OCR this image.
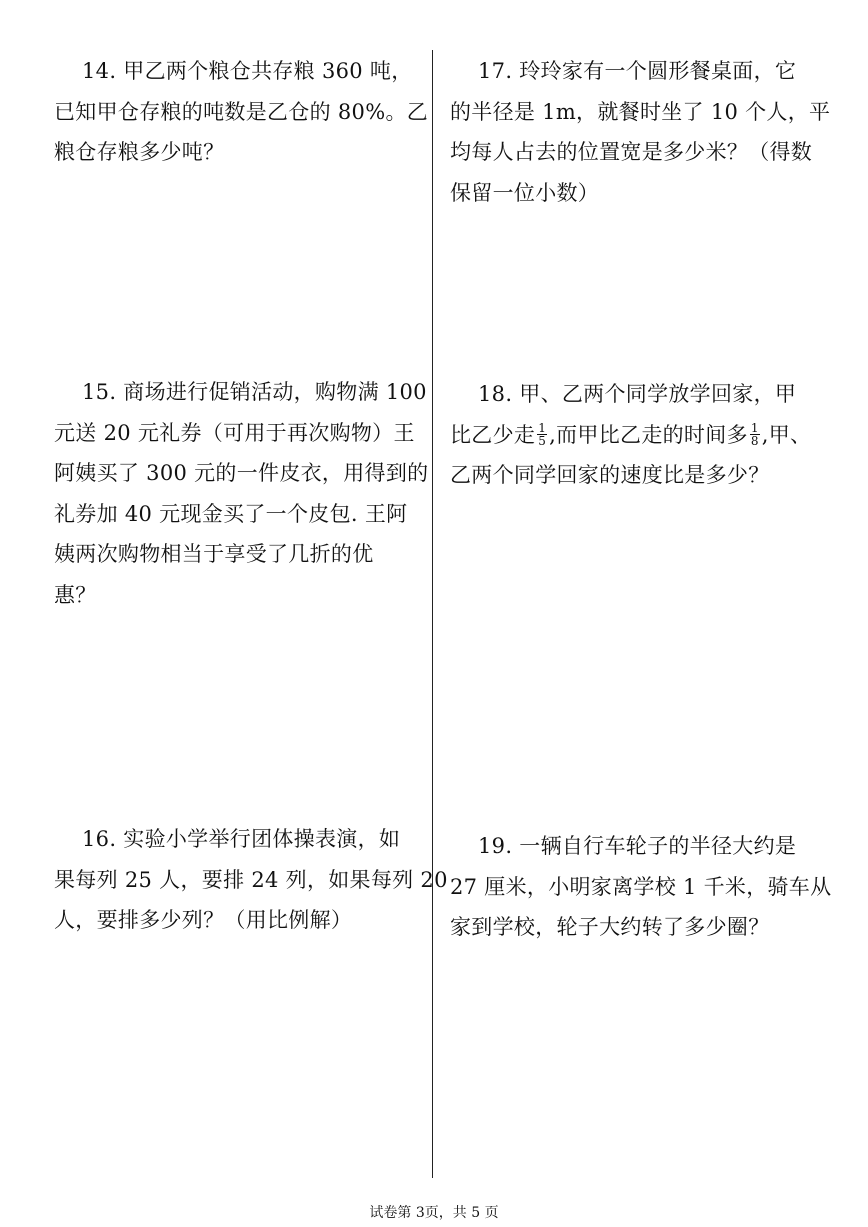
14. 甲乙两个粮仓共存粮 360 吨，
已知甲仓存粮的吨数是乙仓的 80%。乙
粮仓存粮多少吨？
15. 商场进行促销活动，购物满 100
元送 20 元礼券（可用于再次购物）王
阿姨买了 300 元的一件皮衣，用得到的
礼券加 40 元现金买了一个皮包. 王阿
姨两次购物相当于享受了几折的优
惠？
16. 实验小学举行团体操表演，如
果每列 25 人，要排 24 列，如果每列 20
人，要排多少列？（用比例解）
17. 玲玲家有一个圆形餐桌面，它
的半径是 1m，就餐时坐了 10 个人，平
均每人占去的位置宽是多少米？（得数
保留一位小数）
18. 甲、乙两个同学放学回家，甲
比乙少走 $\frac{1}{5}$ ,而甲比乙走的时间多 $\frac{1}{8}$ ,甲、
乙两个同学回家的速度比是多少？
19. 一辆自行车轮子的半径大约是
27 厘米，小明家离学校 1 千米，骑车从
家到学校，轮子大约转了多少圈？
试卷第 3页，共 5 页
